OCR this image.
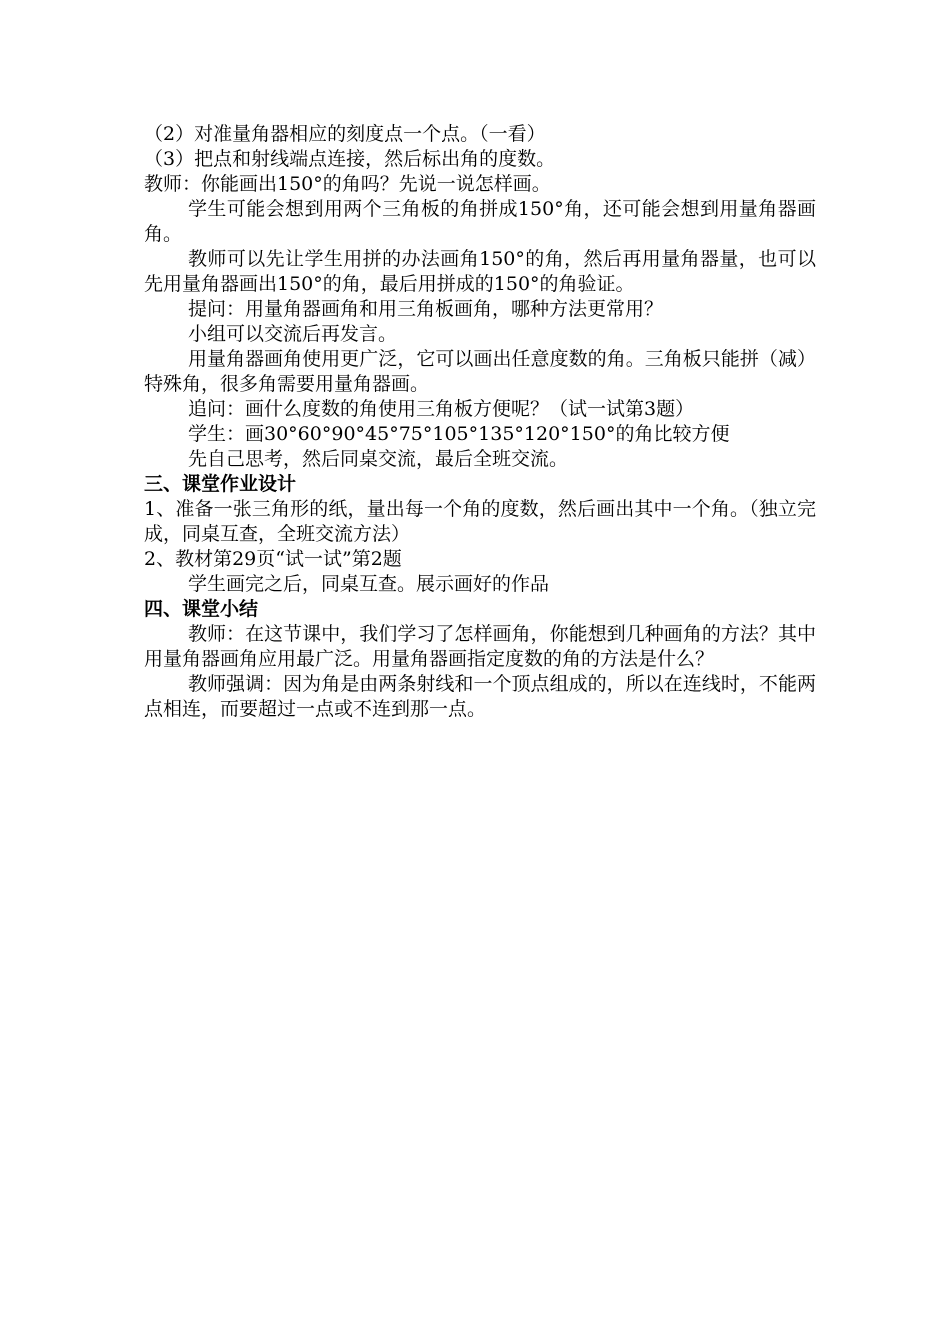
（2）对准量角器相应的刻度点一个点。（一看）

（3）把点和射线端点连接，然后标出角的度数。

教师：你能画出150°的角吗？先说一说怎样画。

学生可能会想到用两个三角板的角拼成150°角，还可能会想到用量角器画角。

教师可以先让学生用拼的办法画角150°的角，然后再用量角器量，也可以先用量角器画出150°的角，最后用拼成的150°的角验证。

提问：用量角器画角和用三角板画角，哪种方法更常用？

小组可以交流后再发言。

用量角器画角使用更广泛，它可以画出任意度数的角。三角板只能拼（减）特殊角，很多角需要用量角器画。

追问：画什么度数的角使用三角板方便呢？（试一试第3题）

学生：画30°60°90°45°75°105°135°120°150°的角比较方便

先自己思考，然后同桌交流，最后全班交流。

三、课堂作业设计

1、准备一张三角形的纸，量出每一个角的度数，然后画出其中一个角。（独立完成，同桌互查，全班交流方法）

2、教材第29页“试一试”第2题

学生画完之后，同桌互查。展示画好的作品

四、课堂小结

教师：在这节课中，我们学习了怎样画角，你能想到几种画角的方法？其中用量角器画角应用最广泛。用量角器画指定度数的角的方法是什么？

教师强调：因为角是由两条射线和一个顶点组成的，所以在连线时，不能两点相连，而要超过一点或不连到那一点。
